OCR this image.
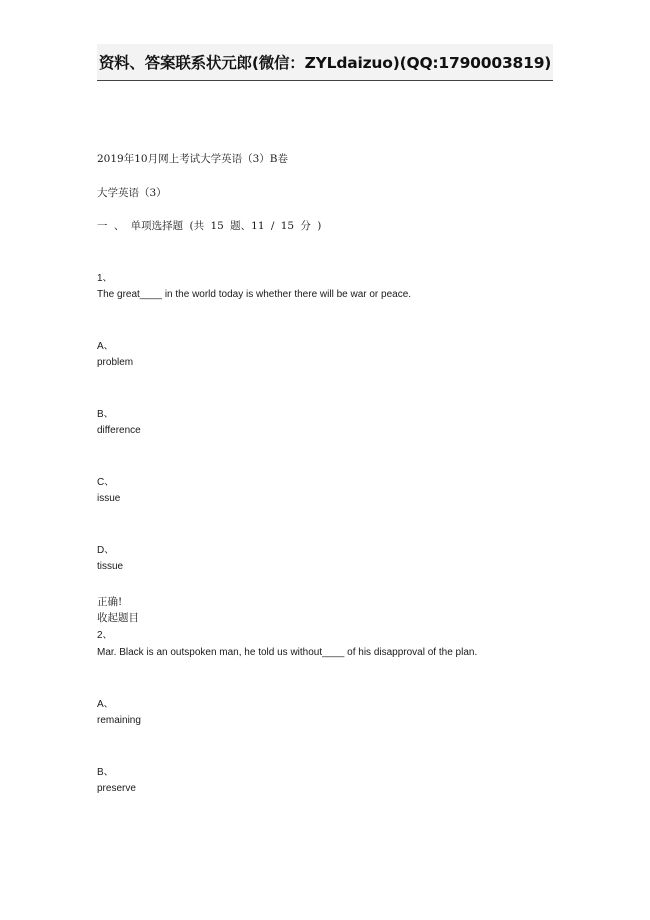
资料、答案联系状元郎(微信：ZYLdaizuo)(QQ:1790003819)
2019年10月网上考试大学英语（3）B卷
大学英语（3）
一 、 单项选择题 (共 15 题、11 / 15 分 )
1、
The great____ in the world today is whether there will be war or peace.
A、
problem
B、
difference
C、
issue
D、
tissue
正确!
收起题目
2、
Mar. Black is an outspoken man, he told us without____ of his disapproval of the plan.
A、
remaining
B、
preserve
